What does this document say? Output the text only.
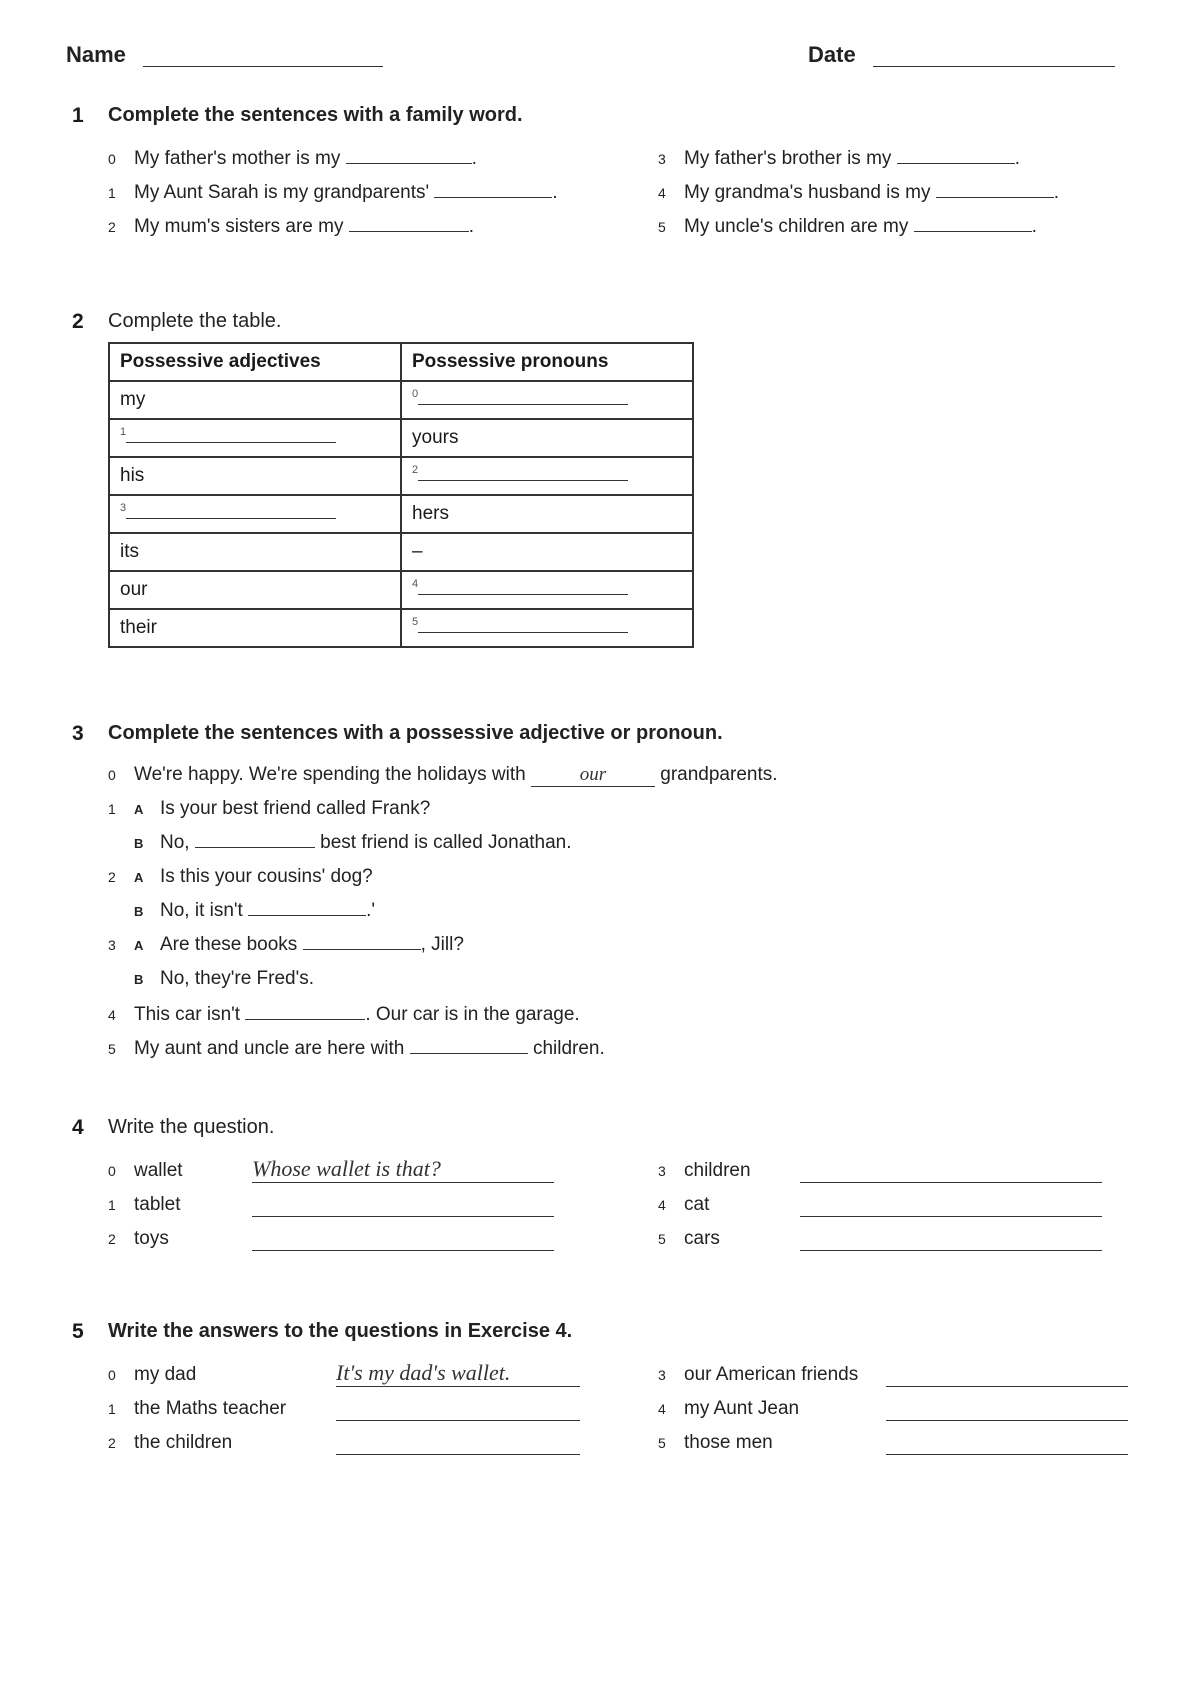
Name	Date
1 Complete the sentences with a family word.
0 My father's mother is my	.
1 My Aunt Sarah is my grandparents'	.
2 My mum's sisters are my	.
3 My father's brother is my	.
4 My grandma's husband is my	.
5 My uncle's children are my	.
2 Complete the table.
Possessive adjectives	Possessive pronouns
my	$^0$
$^1$	yours
his	$^2$
$^3$	hers
its	–
our	$^4$
their	$^5$
3 Complete the sentences with a possessive adjective or pronoun.
0 We're happy. We're spending the holidays with	our	grandparents.
1 A Is your best friend called Frank?
B No,	best friend is called Jonathan.
2 A Is this your cousins' dog?
B No, it isn't	.'
3 A Are these books	, Jill?
B No, they're Fred's.
4 This car isn't	. Our car is in the garage.
5 My aunt and uncle are here with	children.
4 Write the question.
0 wallet	Whose wallet is that?
1 tablet
2 toys
3 children
4 cat
5 cars
5 Write the answers to the questions in Exercise 4.
0 my dad	It's my dad's wallet.
1 the Maths teacher
2 the children
3 our American friends
4 my Aunt Jean
5 those men
